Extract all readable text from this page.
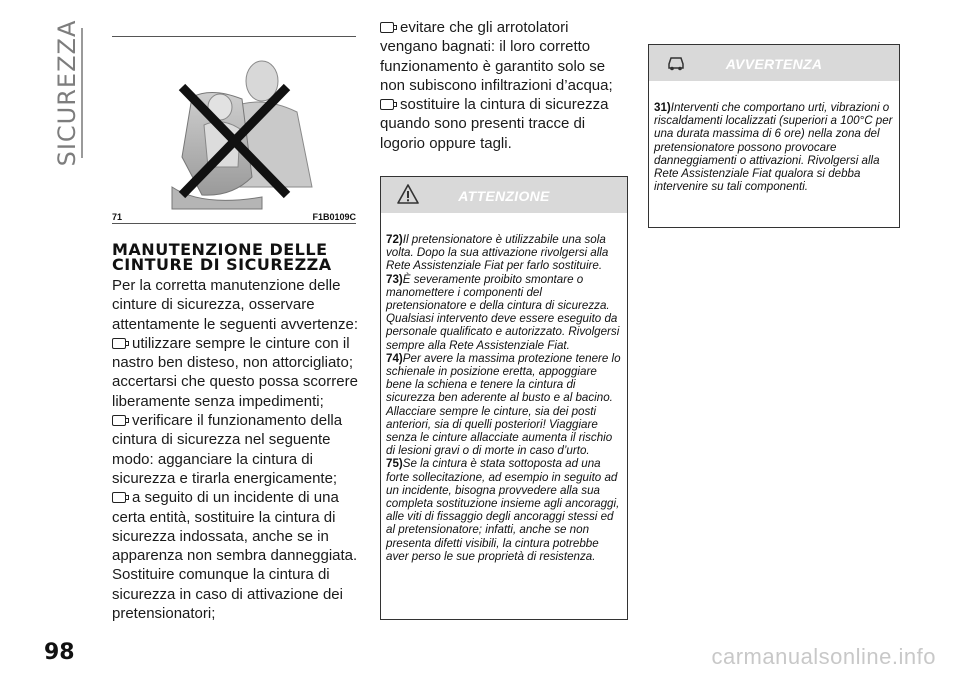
SICUREZZA
71	F1B0109C
MANUTENZIONE DELLE
CINTURE DI SICUREZZA

Per la corretta manutenzione delle cinture di sicurezza, osservare attentamente le seguenti avvertenze:

utilizzare sempre le cinture con il nastro ben disteso, non attorcigliato; accertarsi che questo possa scorrere liberamente senza impedimenti;

verificare il funzionamento della cintura di sicurezza nel seguente modo: agganciare la cintura di sicurezza e tirarla energicamente;

a seguito di un incidente di una certa entità, sostituire la cintura di sicurezza indossata, anche se in apparenza non sembra danneggiata. Sostituire comunque la cintura di sicurezza in caso di attivazione dei pretensionatori;

evitare che gli arrotolatori vengano bagnati: il loro corretto funzionamento è garantito solo se non subiscono infiltrazioni d’acqua;

sostituire la cintura di sicurezza quando sono presenti tracce di logorio oppure tagli.

ATTENZIONE

72)Il pretensionatore è utilizzabile una sola volta. Dopo la sua attivazione rivolgersi alla Rete Assistenziale Fiat per farlo sostituire.

73)È severamente proibito smontare o manomettere i componenti del pretensionatore e della cintura di sicurezza. Qualsiasi intervento deve essere eseguito da personale qualificato e autorizzato. Rivolgersi sempre alla Rete Assistenziale Fiat.

74)Per avere la massima protezione tenere lo schienale in posizione eretta, appoggiare bene la schiena e tenere la cintura di sicurezza ben aderente al busto e al bacino. Allacciare sempre le cinture, sia dei posti anteriori, sia di quelli posteriori! Viaggiare senza le cinture allacciate aumenta il rischio di lesioni gravi o di morte in caso d’urto.

75)Se la cintura è stata sottoposta ad una forte sollecitazione, ad esempio in seguito ad un incidente, bisogna provvedere alla sua completa sostituzione insieme agli ancoraggi, alle viti di fissaggio degli ancoraggi stessi ed al pretensionatore; infatti, anche se non presenta difetti visibili, la cintura potrebbe aver perso le sue proprietà di resistenza.

AVVERTENZA

31)Interventi che comportano urti, vibrazioni o riscaldamenti localizzati (superiori a 100°C per una durata massima di 6 ore) nella zona del pretensionatore possono provocare danneggiamenti o attivazioni. Rivolgersi alla Rete Assistenziale Fiat qualora si debba intervenire su tali componenti.

98	carmanualsonline.info
